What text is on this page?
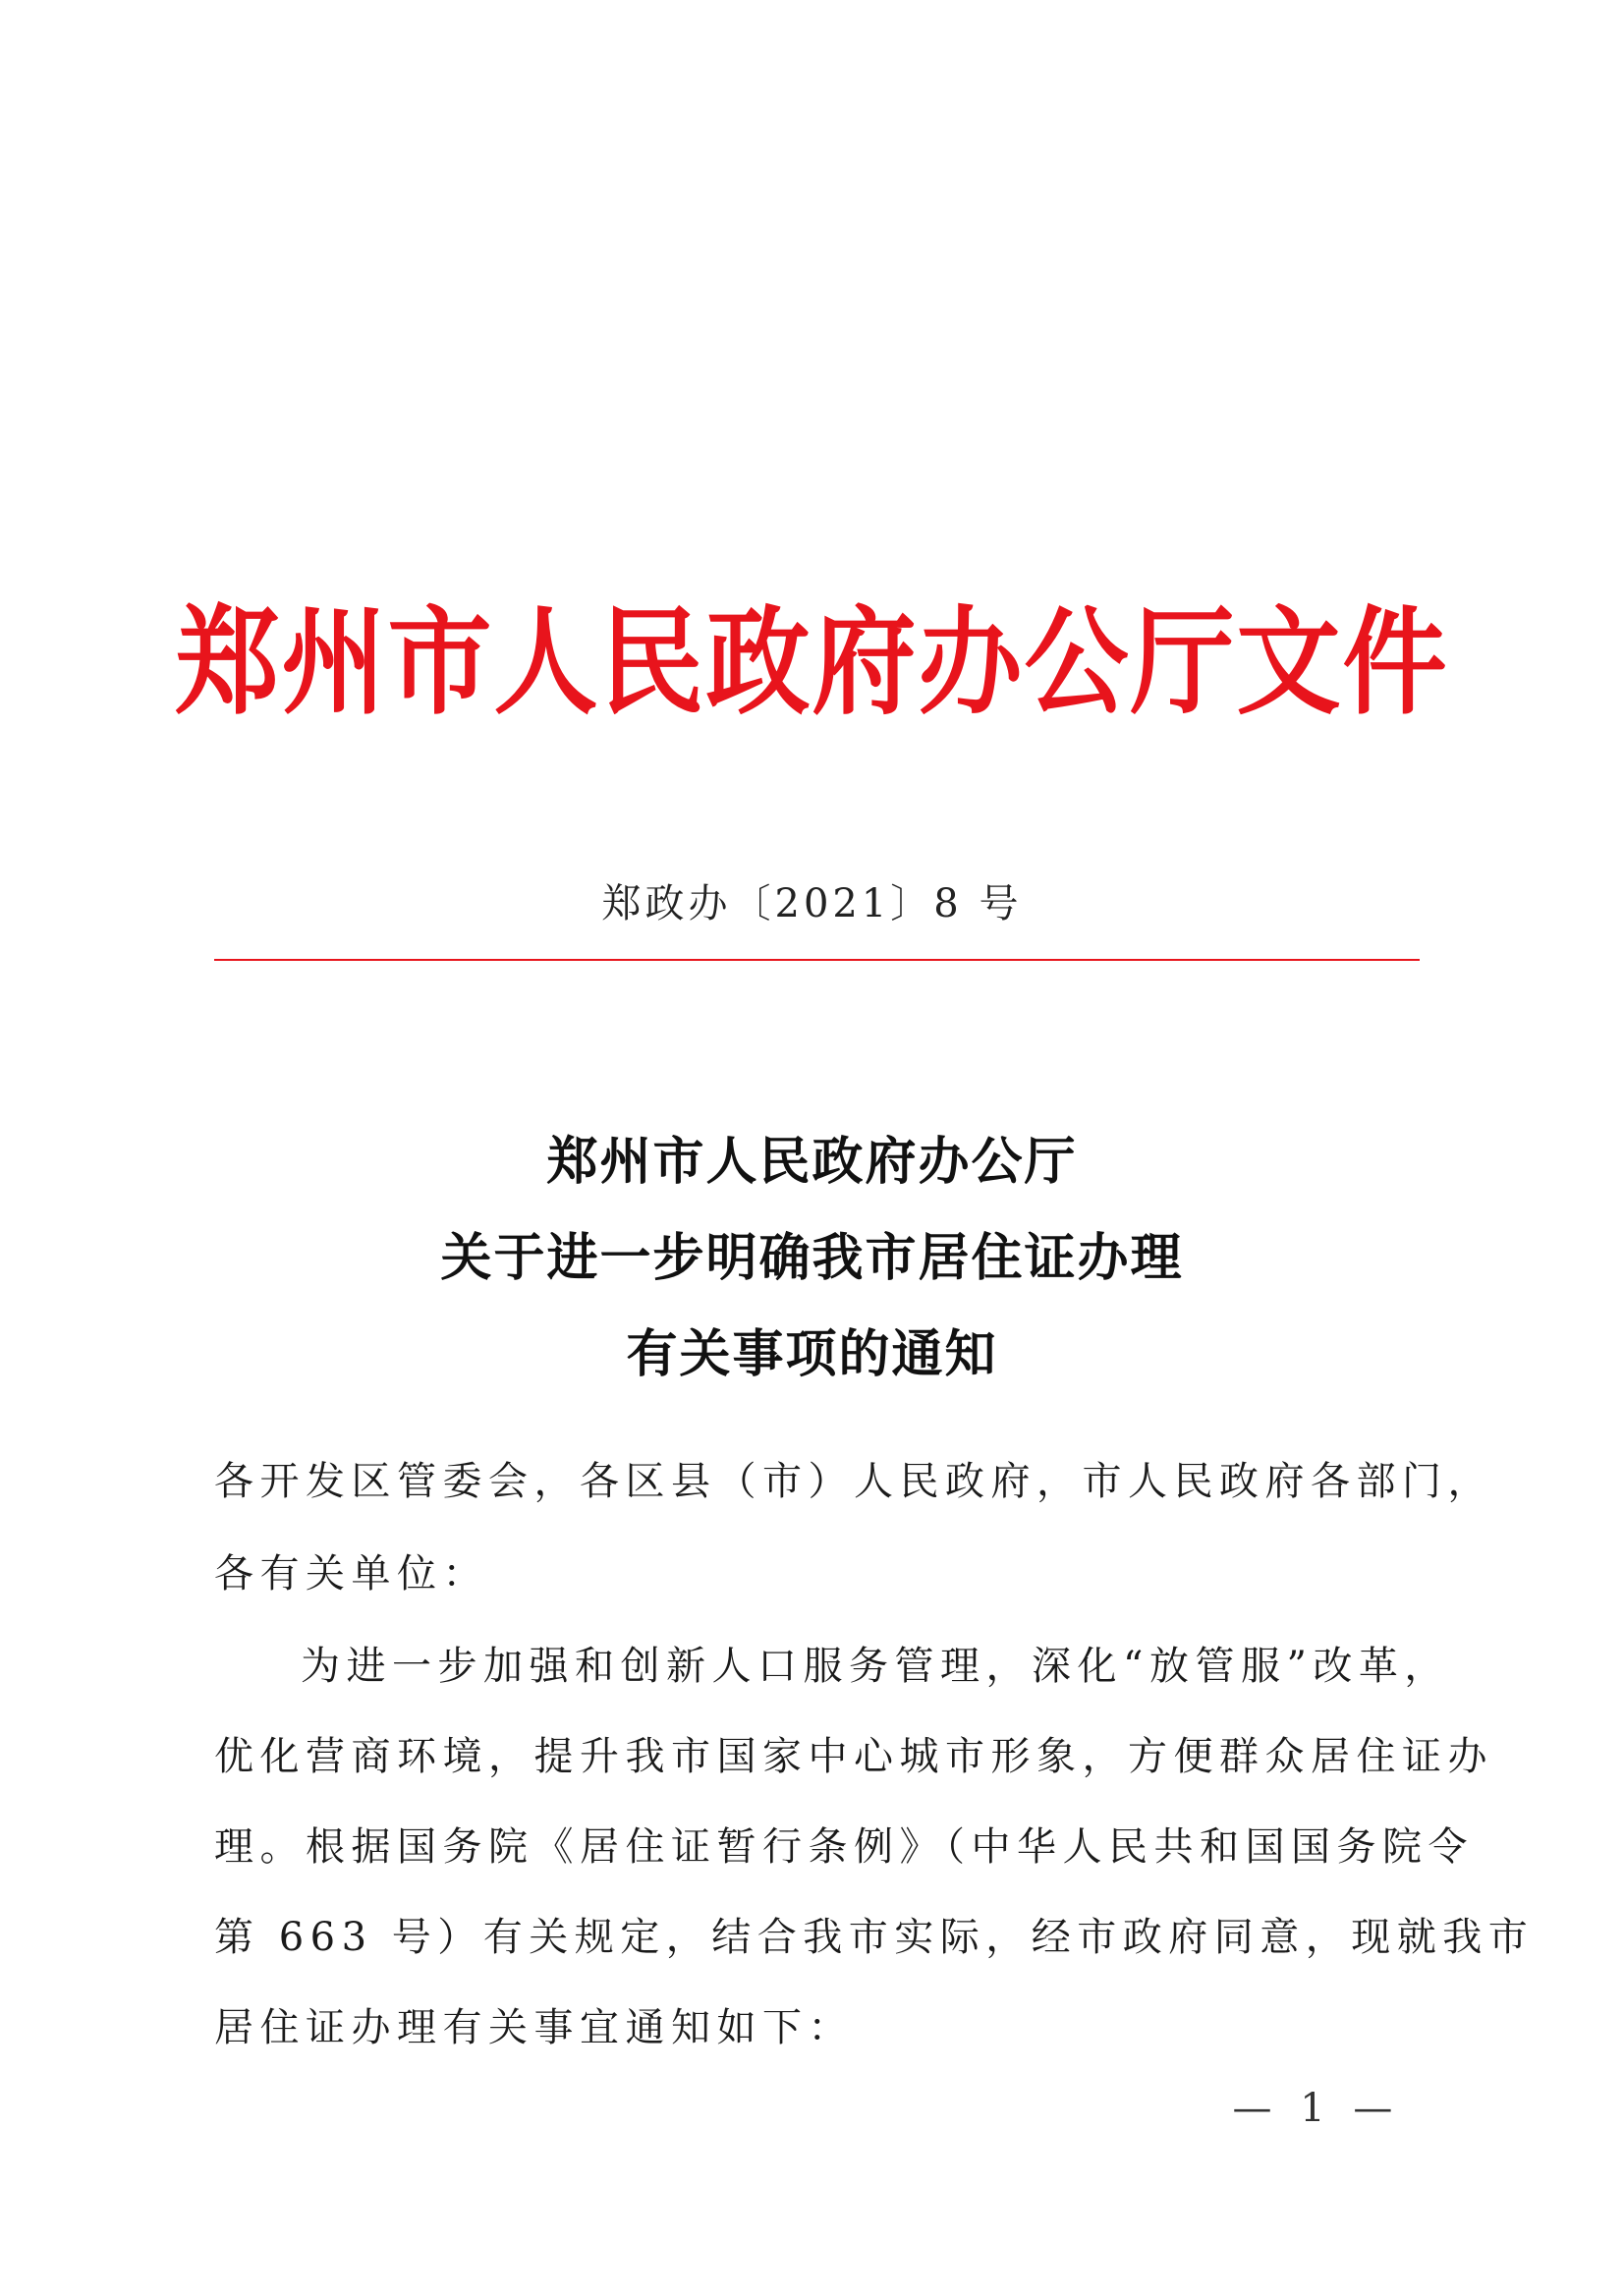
郑州市人民政府办公厅文件
郑政办〔2021〕8 号
郑州市人民政府办公厅
关于进一步明确我市居住证办理
有关事项的通知
各开发区管委会，各区县（市）人民政府，市人民政府各部门，
各有关单位：
为进一步加强和创新人口服务管理，深化“放管服”改革，
优化营商环境，提升我市国家中心城市形象，方便群众居住证办
理。根据国务院《居住证暂行条例》（中华人民共和国国务院令
第 663 号）有关规定，结合我市实际，经市政府同意，现就我市
居住证办理有关事宜通知如下：
— 1 —
